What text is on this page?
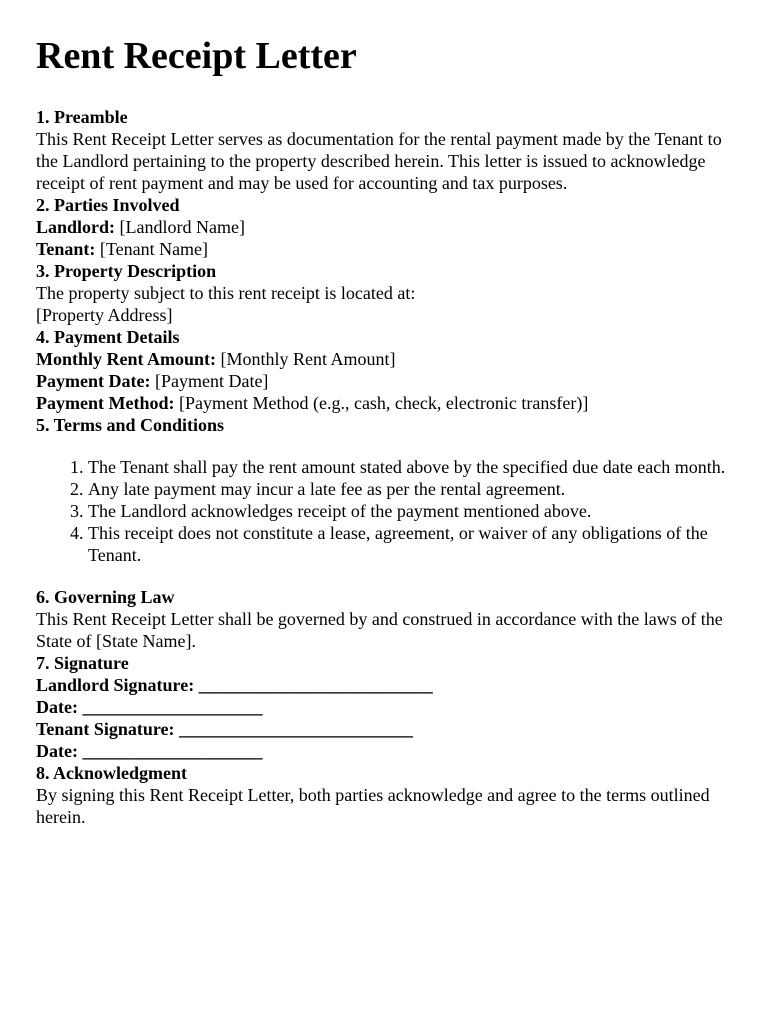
Rent Receipt Letter

1. Preamble

This Rent Receipt Letter serves as documentation for the rental payment made by the Tenant to the Landlord pertaining to the property described herein. This letter is issued to acknowledge receipt of rent payment and may be used for accounting and tax purposes.

2. Parties Involved

Landlord: [Landlord Name]

Tenant: [Tenant Name]

3. Property Description

The property subject to this rent receipt is located at:

[Property Address]

4. Payment Details

Monthly Rent Amount: [Monthly Rent Amount]

Payment Date: [Payment Date]

Payment Method: [Payment Method (e.g., cash, check, electronic transfer)]

5. Terms and Conditions

1. The Tenant shall pay the rent amount stated above by the specified due date each month.
2. Any late payment may incur a late fee as per the rental agreement.
3. The Landlord acknowledges receipt of the payment mentioned above.
4. This receipt does not constitute a lease, agreement, or waiver of any obligations of the Tenant.

6. Governing Law

This Rent Receipt Letter shall be governed by and construed in accordance with the laws of the State of [State Name].

7. Signature

Landlord Signature: __________________________

Date: ____________________

Tenant Signature: __________________________

Date: ____________________

8. Acknowledgment

By signing this Rent Receipt Letter, both parties acknowledge and agree to the terms outlined herein.
